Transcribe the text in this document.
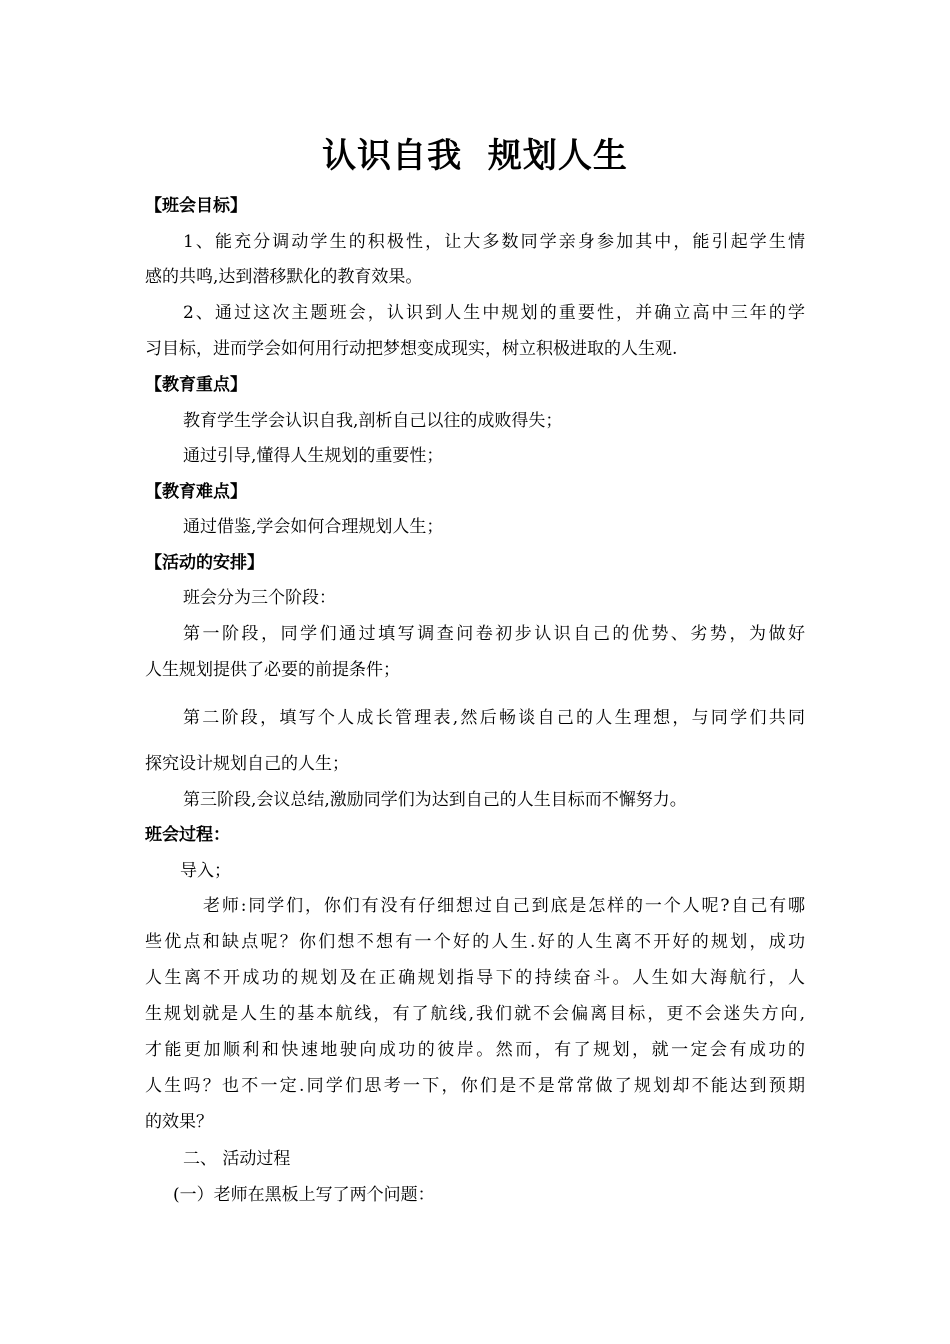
认识自我  规划人生
【班会目标】
1、能充分调动学生的积极性，让大多数同学亲身参加其中，能引起学生情
感的共鸣,达到潜移默化的教育效果。
2、通过这次主题班会，认识到人生中规划的重要性，并确立高中三年的学
习目标，进而学会如何用行动把梦想变成现实，树立积极进取的人生观.
【教育重点】
教育学生学会认识自我,剖析自己以往的成败得失；
通过引导,懂得人生规划的重要性；
【教育难点】
通过借鉴,学会如何合理规划人生；
【活动的安排】
班会分为三个阶段：
第一阶段，同学们通过填写调查问卷初步认识自己的优势、劣势，为做好
人生规划提供了必要的前提条件；
第二阶段，填写个人成长管理表,然后畅谈自己的人生理想，与同学们共同
探究设计规划自己的人生；
第三阶段,会议总结,激励同学们为达到自己的人生目标而不懈努力。
班会过程：
导入；
老师:同学们，你们有没有仔细想过自己到底是怎样的一个人呢?自己有哪
些优点和缺点呢？你们想不想有一个好的人生.好的人生离不开好的规划，成功
人生离不开成功的规划及在正确规划指导下的持续奋斗。人生如大海航行，人
生规划就是人生的基本航线，有了航线,我们就不会偏离目标，更不会迷失方向,
才能更加顺利和快速地驶向成功的彼岸。然而，有了规划，就一定会有成功的
人生吗？也不一定.同学们思考一下，你们是不是常常做了规划却不能达到预期
的效果？
二、 活动过程
(一）老师在黑板上写了两个问题：
